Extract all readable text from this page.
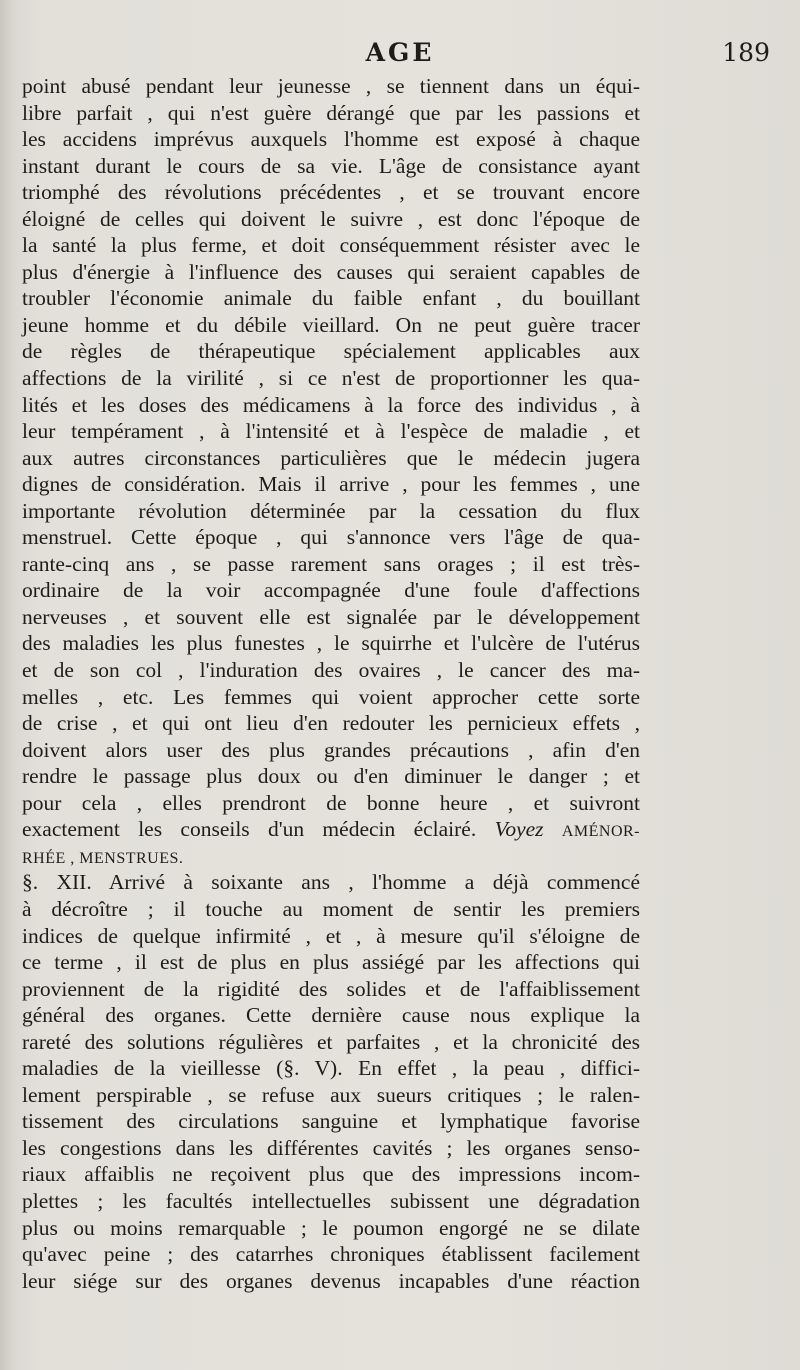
AGE	189
point abusé pendant leur jeunesse , se tiennent dans un équi-
libre parfait , qui n'est guère dérangé que par les passions et
les accidens imprévus auxquels l'homme est exposé à chaque
instant durant le cours de sa vie. L'âge de consistance ayant
triomphé des révolutions précédentes , et se trouvant encore
éloigné de celles qui doivent le suivre , est donc l'époque de
la santé la plus ferme, et doit conséquemment résister avec le
plus d'énergie à l'influence des causes qui seraient capables de
troubler l'économie animale du faible enfant , du bouillant
jeune homme et du débile vieillard. On ne peut guère tracer
de règles de thérapeutique spécialement applicables aux
affections de la virilité , si ce n'est de proportionner les qua-
lités et les doses des médicamens à la force des individus , à
leur tempérament , à l'intensité et à l'espèce de maladie , et
aux autres circonstances particulières que le médecin jugera
dignes de considération. Mais il arrive , pour les femmes , une
importante révolution déterminée par la cessation du flux
menstruel. Cette époque , qui s'annonce vers l'âge de qua-
rante-cinq ans , se passe rarement sans orages ; il est très-
ordinaire de la voir accompagnée d'une foule d'affections
nerveuses , et souvent elle est signalée par le développement
des maladies les plus funestes , le squirrhe et l'ulcère de l'utérus
et de son col , l'induration des ovaires , le cancer des ma-
melles , etc. Les femmes qui voient approcher cette sorte
de crise , et qui ont lieu d'en redouter les pernicieux effets ,
doivent alors user des plus grandes précautions , afin d'en
rendre le passage plus doux ou d'en diminuer le danger ; et
pour cela , elles prendront de bonne heure , et suivront
exactement les conseils d'un médecin éclairé. Voyez AMÉNOR-
RHÉE , MENSTRUES.
§. XII. Arrivé à soixante ans , l'homme a déjà commencé
à décroître ; il touche au moment de sentir les premiers
indices de quelque infirmité , et , à mesure qu'il s'éloigne de
ce terme , il est de plus en plus assiégé par les affections qui
proviennent de la rigidité des solides et de l'affaiblissement
général des organes. Cette dernière cause nous explique la
rareté des solutions régulières et parfaites , et la chronicité des
maladies de la vieillesse (§. V). En effet , la peau , diffici-
lement perspirable , se refuse aux sueurs critiques ; le ralen-
tissement des circulations sanguine et lymphatique favorise
les congestions dans les différentes cavités ; les organes senso-
riaux affaiblis ne reçoivent plus que des impressions incom-
plettes ; les facultés intellectuelles subissent une dégradation
plus ou moins remarquable ; le poumon engorgé ne se dilate
qu'avec peine ; des catarrhes chroniques établissent facilement
leur siége sur des organes devenus incapables d'une réaction
